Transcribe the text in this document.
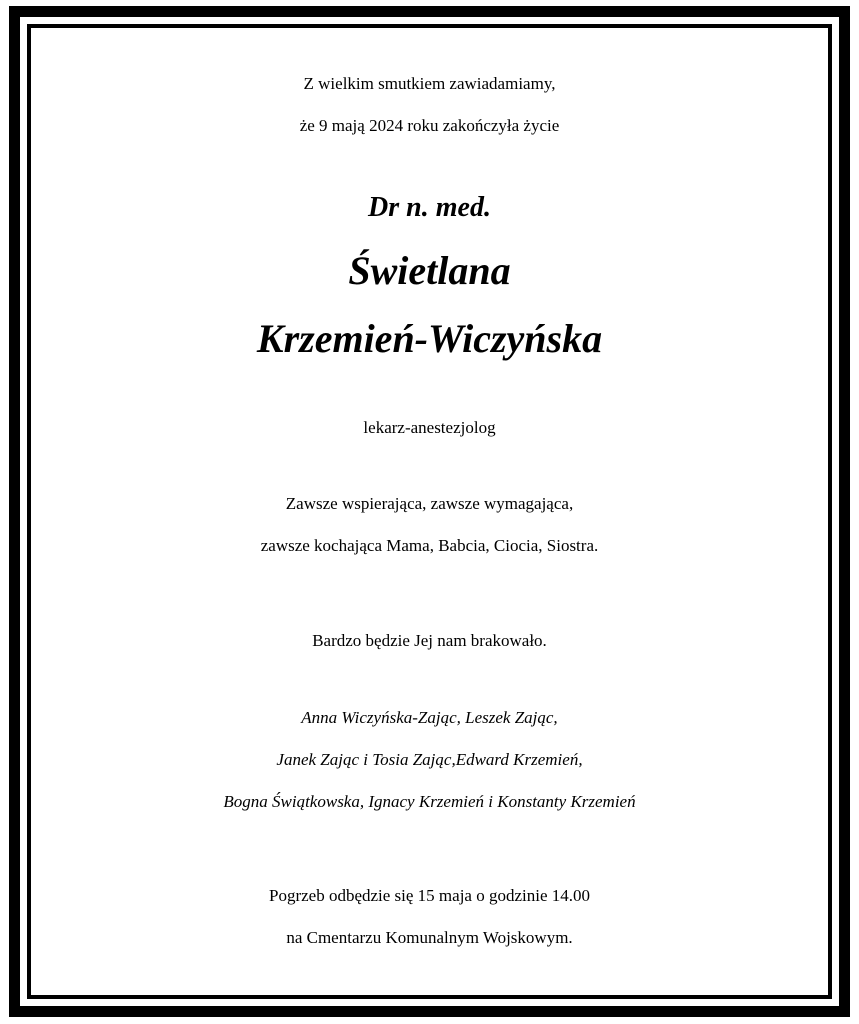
Z wielkim smutkiem zawiadamiamy,
że 9 mają 2024 roku zakończyła życie
Dr n. med.
Świetlana
Krzemień-Wiczyńska
lekarz-anestezjolog
Zawsze wspierająca, zawsze wymagająca,
zawsze kochająca Mama, Babcia, Ciocia, Siostra.
Bardzo będzie Jej nam brakowało.
Anna Wiczyńska-Zając, Leszek Zając,
Janek Zając i Tosia Zając,Edward Krzemień,
Bogna Świątkowska, Ignacy Krzemień i Konstanty Krzemień
Pogrzeb odbędzie się 15 maja o godzinie 14.00
na Cmentarzu Komunalnym Wojskowym.
